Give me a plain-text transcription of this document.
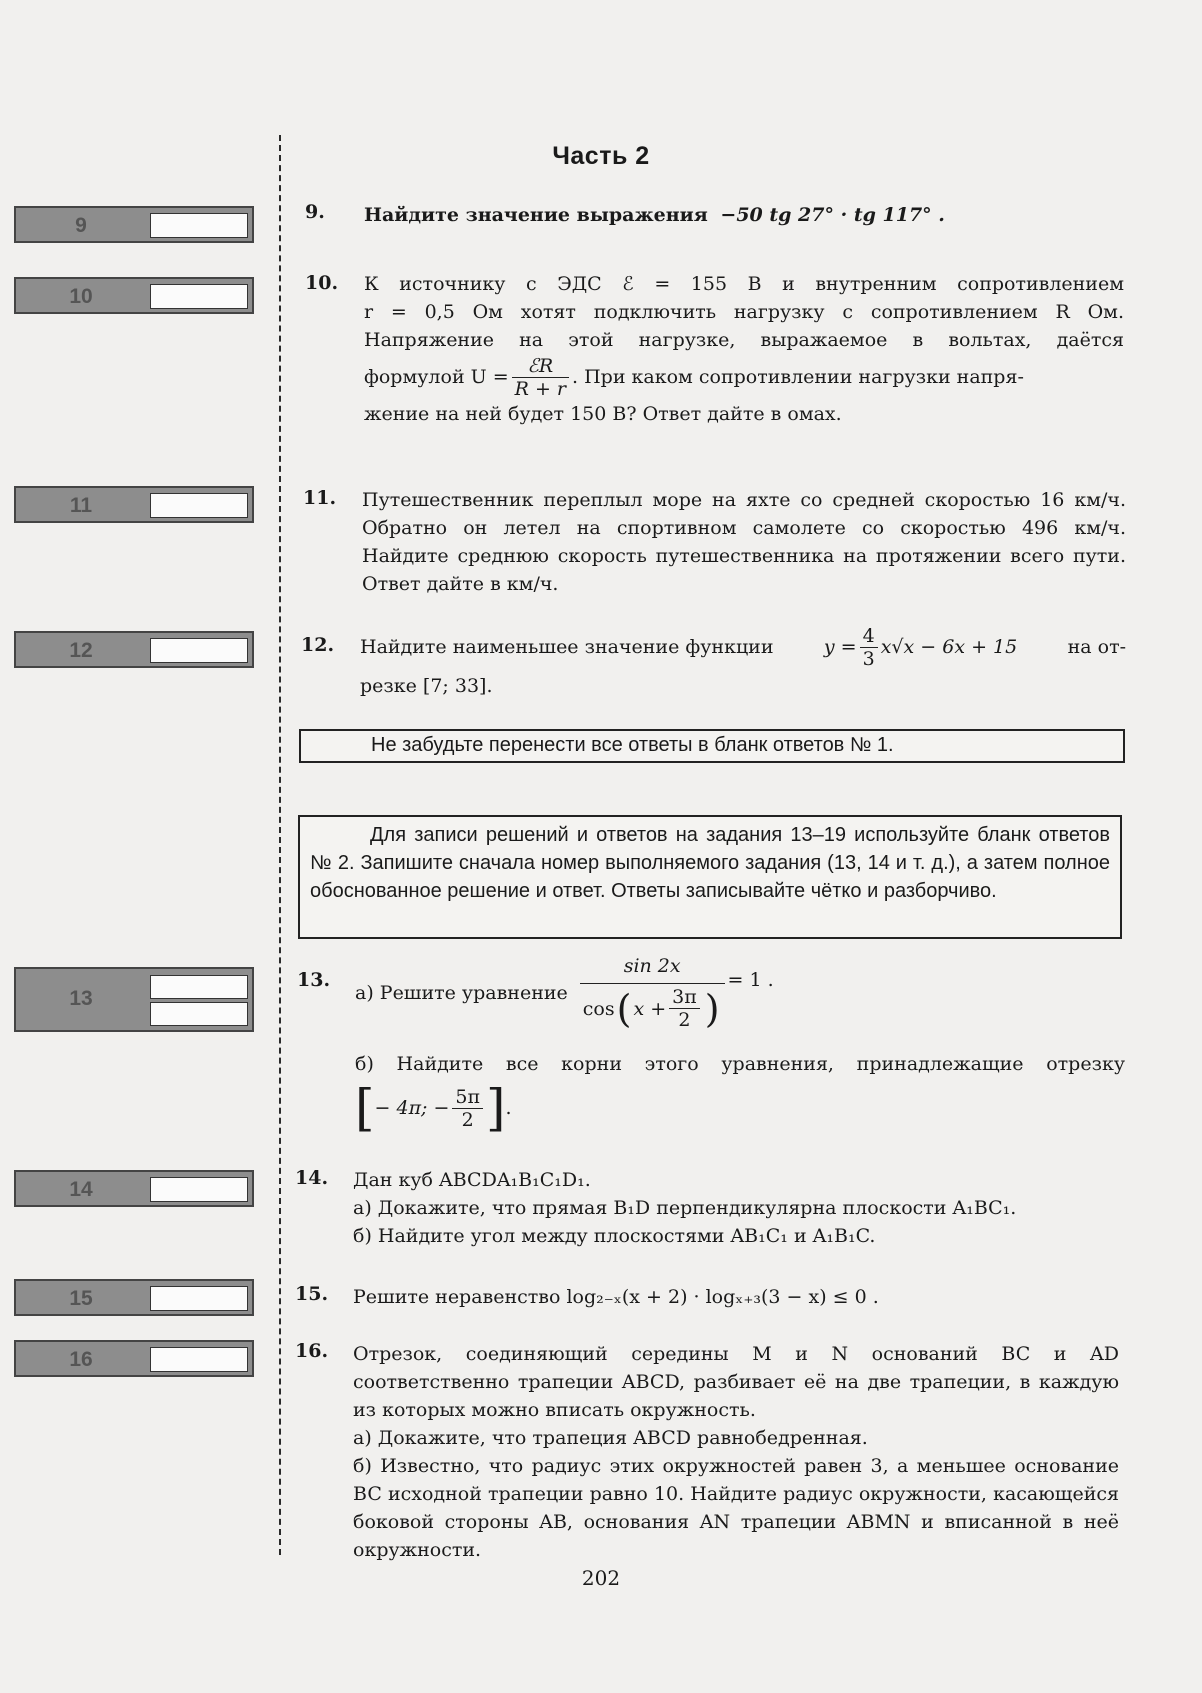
Часть 2
9
10
11
12
13
14
15
16
9. Найдите значение выражения −50 tg 27° · tg 117° .
10. К источнику с ЭДС ℰ = 155 В и внутренним сопротивлением
r = 0,5 Ом хотят подключить нагрузку с сопротивлением R Ом.
Напряжение на этой нагрузке, выражаемое в вольтах, даётся
формулой $U = \frac{\text{ℰR}}{R + r}$ . При каком сопротивлении нагрузки напря-
жение на ней будет 150 В? Ответ дайте в омах.
11. Путешественник переплыл море на яхте со средней скоростью 16 км/ч. Обратно он летел на спортивном самолете со скоростью 496 км/ч. Найдите среднюю скорость путешественника на протяжении всего пути. Ответ дайте в км/ч.
12. Найдите наименьшее значение функции	$y = \frac{4}{3} x√x - 6x + 15$	на от-
резке [7; 33].
Не забудьте перенести все ответы в бланк ответов № 1.
Для записи решений и ответов на задания 13–19 используйте бланк ответов № 2. Запишите сначала номер выполняемого задания (13, 14 и т. д.), а затем полное обоснованное решение и ответ. Ответы записывайте чётко и разборчиво.
13.
а) Решите уравнение
sin 2x
cos ( $x + \frac{3\pi}{2}$ )
= 1 .
б) Найдите все корни этого уравнения, принадлежащие отрезку
[ − 4π; − $\frac{5\pi}{2}$ ] .
14. Дан куб ABCDA₁B₁C₁D₁.
а) Докажите, что прямая B₁D перпендикулярна плоскости A₁BC₁.
б) Найдите угол между плоскостями AB₁C₁ и A₁B₁C.
15. Решите неравенство log₂₋ₓ(x + 2) · logₓ₊₃(3 − x) ≤ 0 .
16. Отрезок, соединяющий середины M и N оснований BC и AD соответственно трапеции ABCD, разбивает её на две трапеции, в каждую из которых можно вписать окружность.

а) Докажите, что трапеция ABCD равнобедренная.

б) Известно, что радиус этих окружностей равен 3, а меньшее основание BC исходной трапеции равно 10. Найдите радиус окружности, касающейся боковой стороны AB, основания AN трапеции ABMN и вписанной в неё окружности.

202
